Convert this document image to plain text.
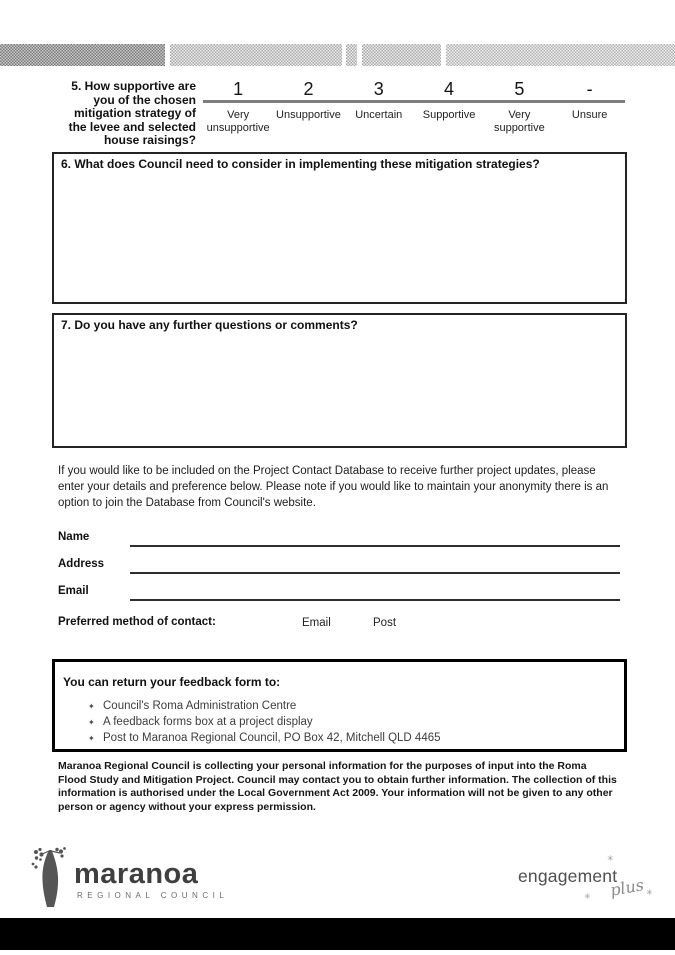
5. How supportive are you of the chosen mitigation strategy of the levee and selected house raisings?
1
Very unsupportive
2
Unsupportive
3
Uncertain
4
Supportive
5
Very supportive
-
Unsure
6. What does Council need to consider in implementing these mitigation strategies?
7. Do you have any further questions or comments?
If you would like to be included on the Project Contact Database to receive further project updates, please enter your details and preference below. Please note if you would like to maintain your anonymity there is an option to join the Database from Council's website.
Name
Address
Email
Preferred method of contact:	Email	Post
You can return your feedback form to:
✦ Council's Roma Administration Centre
✦ A feedback forms box at a project display
✦ Post to Maranoa Regional Council, PO Box 42, Mitchell QLD 4465
Maranoa Regional Council is collecting your personal information for the purposes of input into the Roma Flood Study and Mitigation Project. Council may contact you to obtain further information. The collection of this information is authorised under the Local Government Act 2009. Your information will not be given to any other person or agency without your express permission.
maranoa
REGIONAL COUNCIL
engagement
plus
✳
✳
✳
